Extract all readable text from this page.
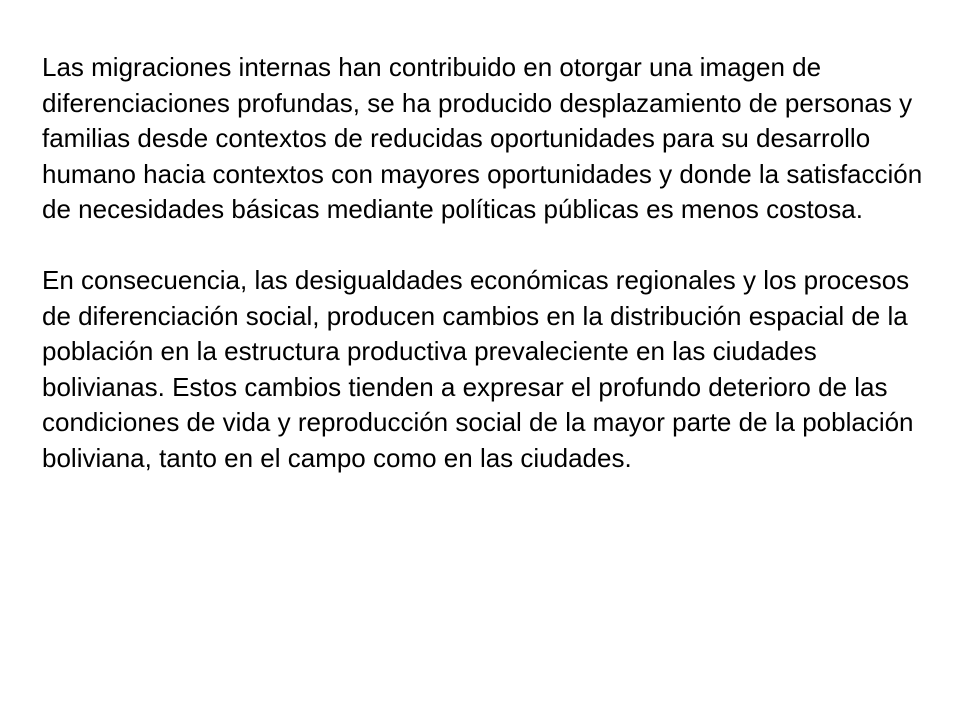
Las migraciones internas han contribuido en otorgar una imagen de diferenciaciones profundas, se ha producido desplazamiento de personas y familias desde contextos de reducidas oportunidades para su desarrollo humano hacia contextos con mayores oportunidades y donde la satisfacción de necesidades básicas mediante políticas públicas es menos costosa.

En consecuencia, las desigualdades económicas regionales y los procesos de diferenciación social, producen cambios en la distribución espacial de la población en la estructura productiva prevaleciente en las ciudades bolivianas. Estos cambios tienden a expresar el profundo deterioro de las condiciones de vida y reproducción social de la mayor parte de la población boliviana, tanto en el campo como en las ciudades.
